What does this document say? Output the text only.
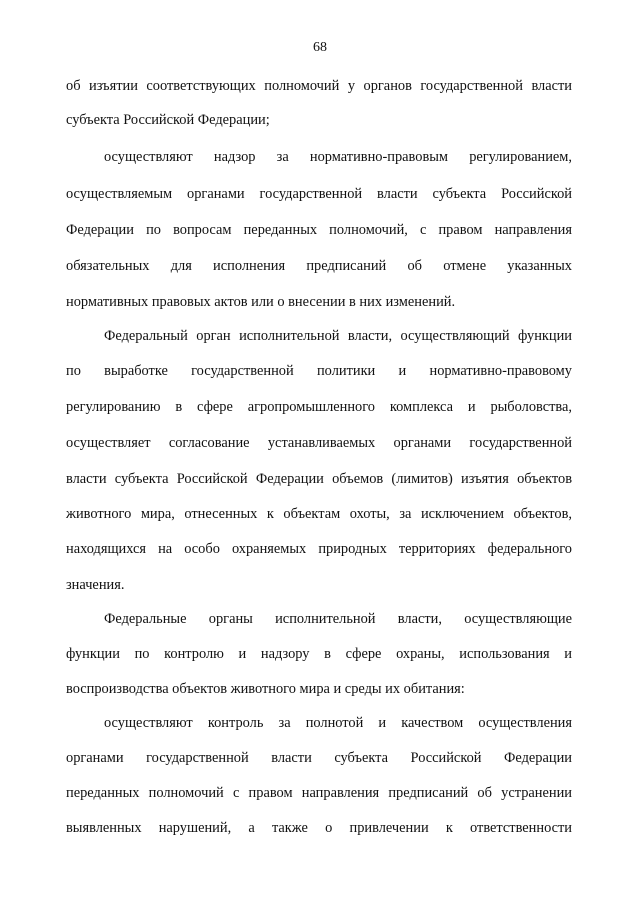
68
об изъятии соответствующих полномочий у органов государственной власти
субъекта Российской Федерации;
осуществляют надзор за нормативно-правовым регулированием,
осуществляемым органами государственной власти субъекта Российской
Федерации по вопросам переданных полномочий, с правом направления
обязательных для исполнения предписаний об отмене указанных
нормативных правовых актов или о внесении в них изменений.
Федеральный орган исполнительной власти, осуществляющий функции
по выработке государственной политики и нормативно-правовому
регулированию в сфере агропромышленного комплекса и рыболовства,
осуществляет согласование устанавливаемых органами государственной
власти субъекта Российской Федерации объемов (лимитов) изъятия объектов
животного мира, отнесенных к объектам охоты, за исключением объектов,
находящихся на особо охраняемых природных территориях федерального
значения.
Федеральные органы исполнительной власти, осуществляющие
функции по контролю и надзору в сфере охраны, использования и
воспроизводства объектов животного мира и среды их обитания:
осуществляют контроль за полнотой и качеством осуществления
органами государственной власти субъекта Российской Федерации
переданных полномочий с правом направления предписаний об устранении
выявленных нарушений, а также о привлечении к ответственности
